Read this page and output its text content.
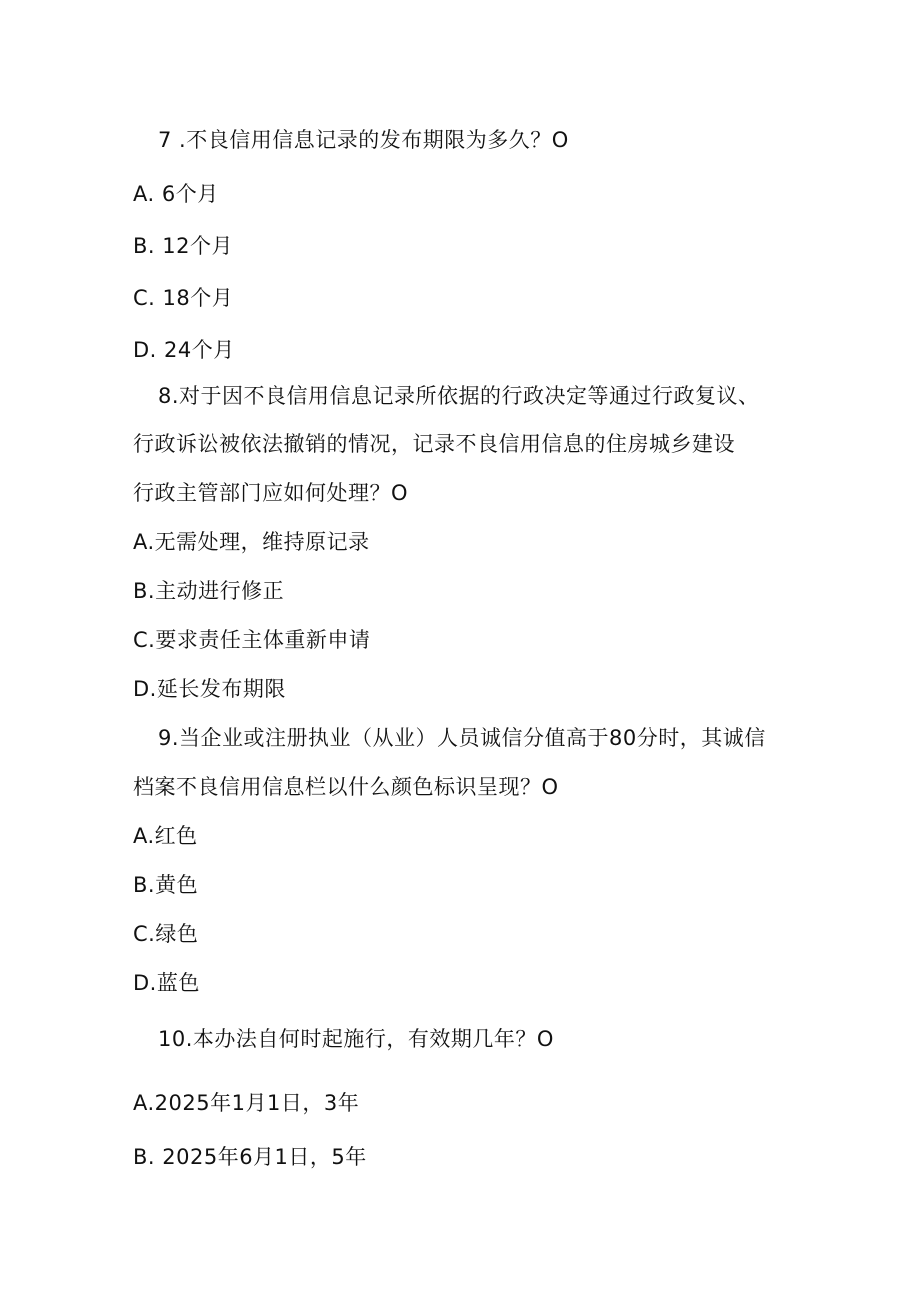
7 .不良信用信息记录的发布期限为多久？O
A. 6个月
B. 12个月
C. 18个月
D. 24个月
8.对于因不良信用信息记录所依据的行政决定等通过行政复议、
行政诉讼被依法撤销的情况，记录不良信用信息的住房城乡建设
行政主管部门应如何处理？O
A.无需处理，维持原记录
B.主动进行修正
C.要求责任主体重新申请
D.延长发布期限
9.当企业或注册执业（从业）人员诚信分值高于80分时，其诚信
档案不良信用信息栏以什么颜色标识呈现？O
A.红色
B.黄色
C.绿色
D.蓝色
10.本办法自何时起施行，有效期几年？O
A.2025年1月1日，3年
B. 2025年6月1日，5年
